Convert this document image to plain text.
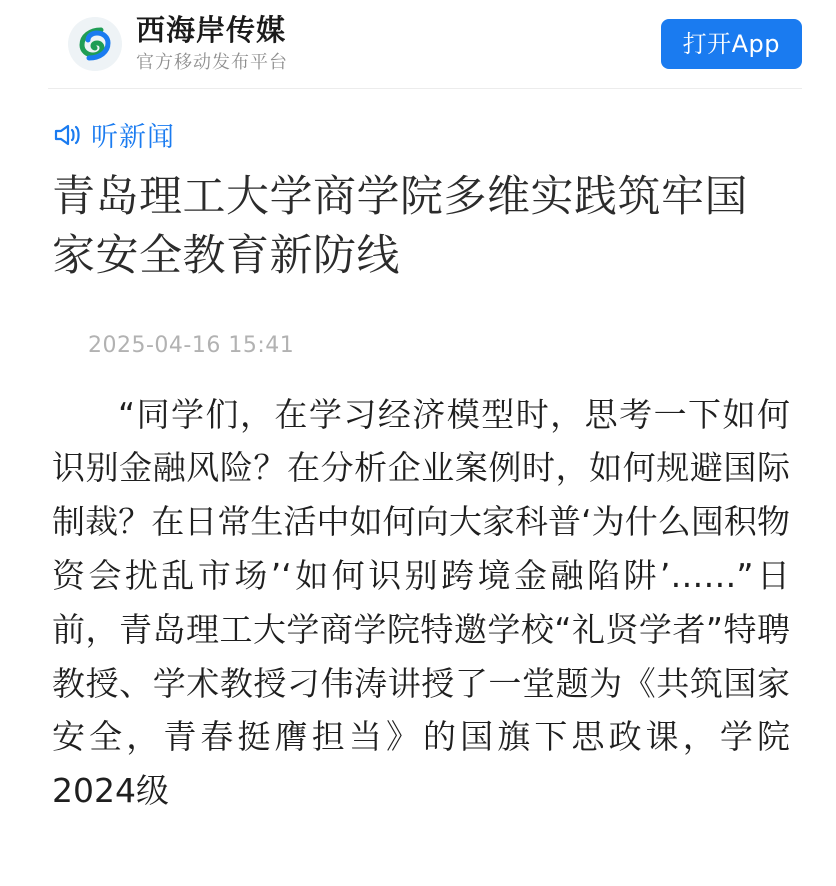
西海岸传媒
官方移动发布平台
打开App
听新闻
青岛理工大学商学院多维实践筑牢国家安全教育新防线
2025-04-16 15:41

“同学们，在学习经济模型时，思考一下如何识别金融风险？在分析企业案例时，如何规避国际制裁？在日常生活中如何向大家科普‘为什么囤积物资会扰乱市场’‘如何识别跨境金融陷阱’……”日前，青岛理工大学商学院特邀学校“礼贤学者”特聘教授、学术教授刁伟涛讲授了一堂题为《共筑国家安全，青春挺膺担当》的国旗下思政课，学院2024级
